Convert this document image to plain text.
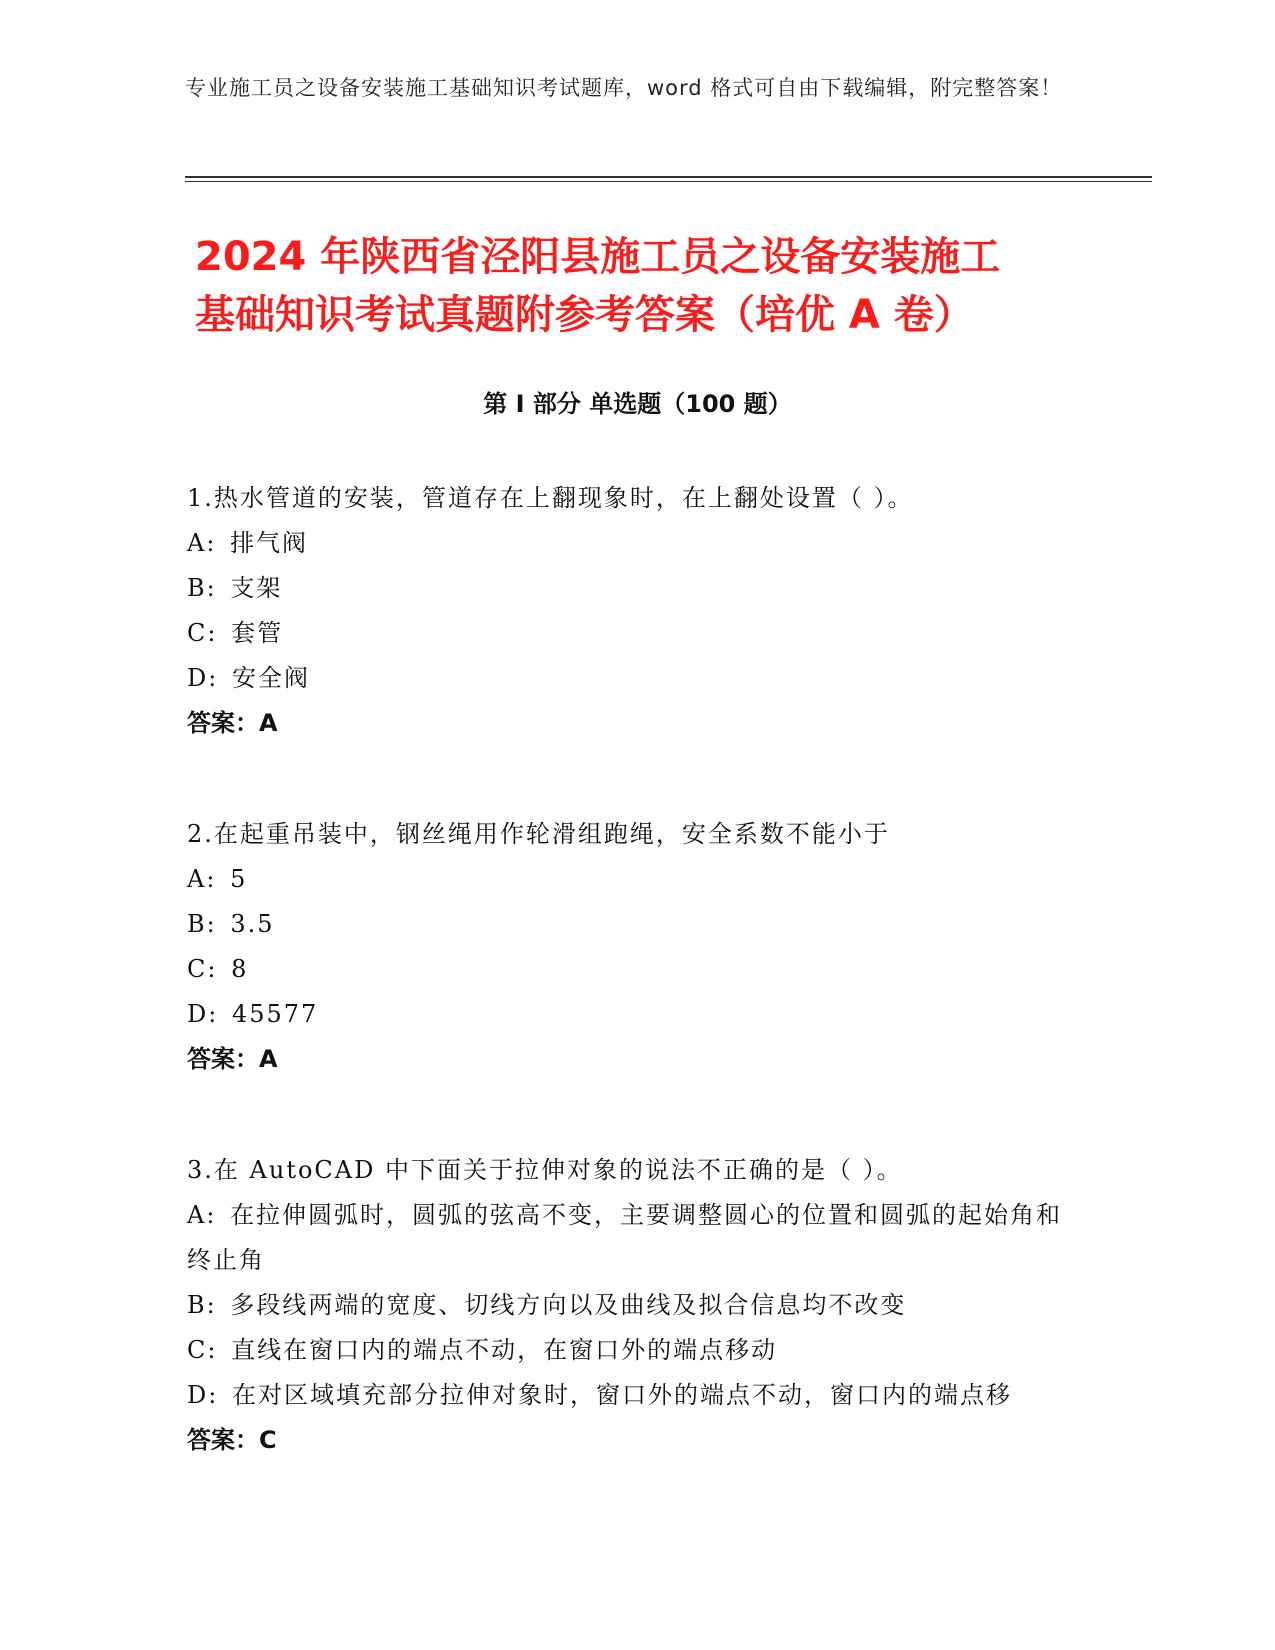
专业施工员之设备安装施工基础知识考试题库，word 格式可自由下载编辑，附完整答案！
2024 年陕西省泾阳县施工员之设备安装施工
基础知识考试真题附参考答案（培优 A 卷）
第 I 部分 单选题（100 题）
1.热水管道的安装，管道存在上翻现象时，在上翻处设置（ ）。
A: 排气阀
B: 支架
C: 套管
D: 安全阀
答案：A
2.在起重吊装中，钢丝绳用作轮滑组跑绳，安全系数不能小于
A: 5
B: 3.5
C: 8
D: 45577
答案：A
3.在 AutoCAD 中下面关于拉伸对象的说法不正确的是（ ）。
A: 在拉伸圆弧时，圆弧的弦高不变，主要调整圆心的位置和圆弧的起始角和终止角
B: 多段线两端的宽度、切线方向以及曲线及拟合信息均不改变
C: 直线在窗口内的端点不动，在窗口外的端点移动
D: 在对区域填充部分拉伸对象时，窗口外的端点不动，窗口内的端点移
答案：C
